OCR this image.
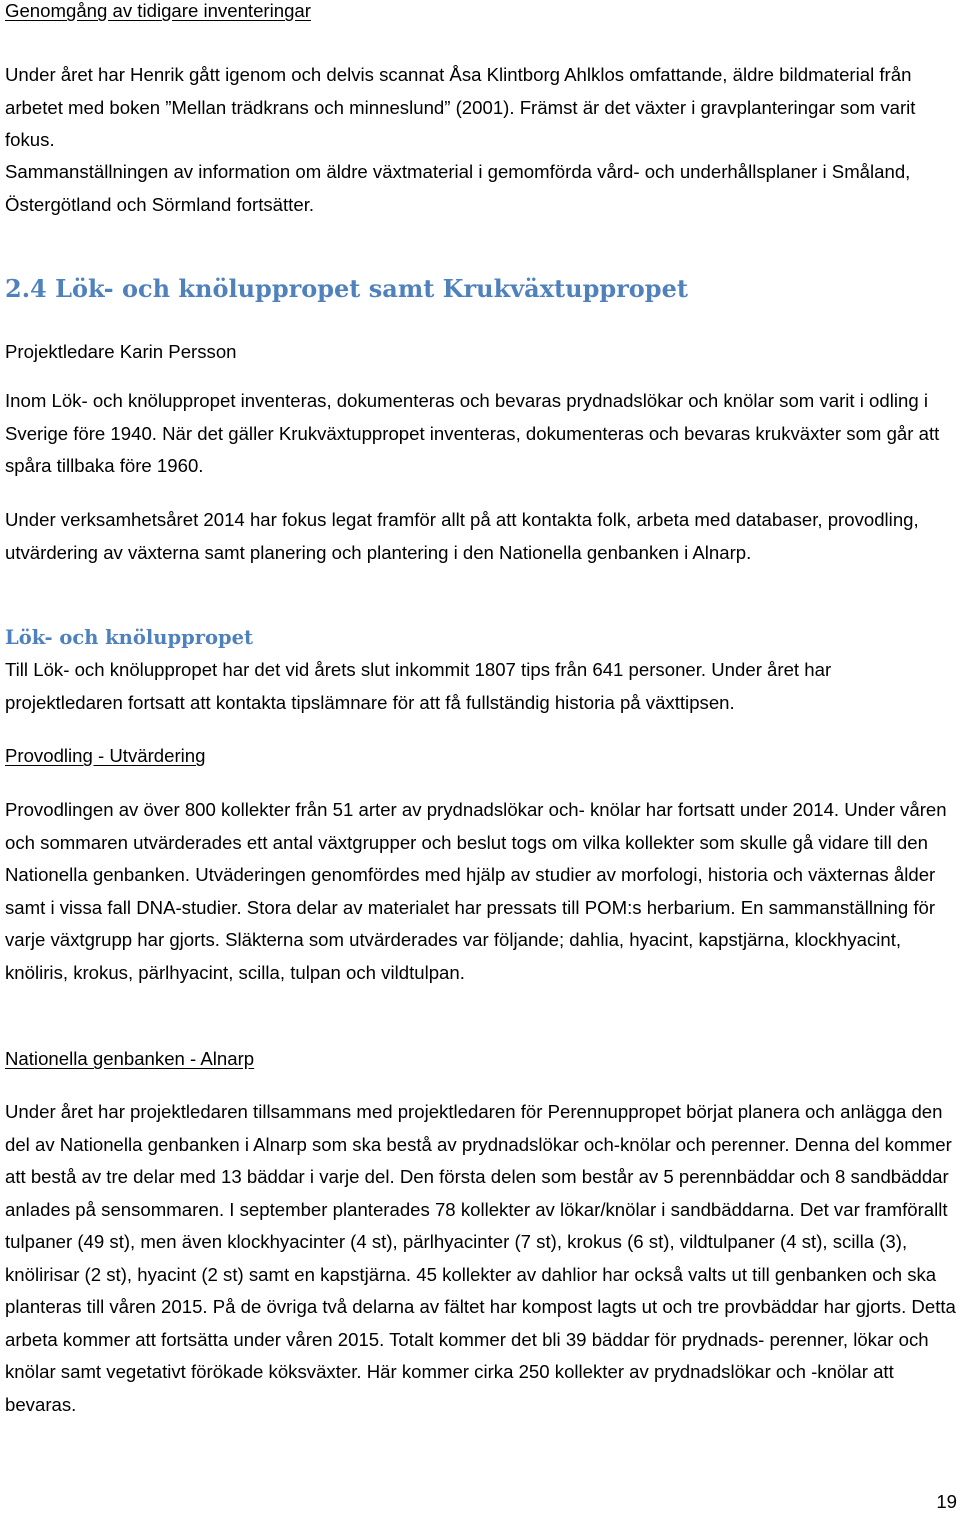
Genomgång av tidigare inventeringar

Under året har Henrik gått igenom och delvis scannat Åsa Klintborg Ahlklos omfattande, äldre bildmaterial från arbetet med boken ”Mellan trädkrans och minneslund” (2001). Främst är det växter i gravplanteringar som varit fokus.

Sammanställningen av information om äldre växtmaterial i gemomförda vård- och underhållsplaner i Småland, Östergötland och Sörmland fortsätter.

2.4 Lök- och knöluppropet samt Krukväxtuppropet

Projektledare Karin Persson

Inom Lök- och knöluppropet inventeras, dokumenteras och bevaras prydnadslökar och knölar som varit i odling i Sverige före 1940. När det gäller Krukväxtuppropet inventeras, dokumenteras och bevaras krukväxter som går att spåra tillbaka före 1960.

Under verksamhetsåret 2014 har fokus legat framför allt på att kontakta folk, arbeta med databaser, provodling, utvärdering av växterna samt planering och plantering i den Nationella genbanken i Alnarp.

Lök- och knöluppropet

Till Lök- och knöluppropet har det vid årets slut inkommit 1807 tips från 641 personer. Under året har projektledaren fortsatt att kontakta tipslämnare för att få fullständig historia på växttipsen.

Provodling - Utvärdering

Provodlingen av över 800 kollekter från 51 arter av prydnadslökar och- knölar har fortsatt under 2014. Under våren och sommaren utvärderades ett antal växtgrupper och beslut togs om vilka kollekter som skulle gå vidare till den Nationella genbanken. Utväderingen genomfördes med hjälp av studier av morfologi, historia och växternas ålder samt i vissa fall DNA-studier. Stora delar av materialet har pressats till POM:s herbarium. En sammanställning för varje växtgrupp har gjorts. Släkterna som utvärderades var följande; dahlia, hyacint, kapstjärna, klockhyacint, knöliris, krokus, pärlhyacint, scilla, tulpan och vildtulpan.

Nationella genbanken - Alnarp

Under året har projektledaren tillsammans med projektledaren för Perennuppropet börjat planera och anlägga den del av Nationella genbanken i Alnarp som ska bestå av prydnadslökar och-knölar och perenner. Denna del kommer att bestå av tre delar med 13 bäddar i varje del. Den första delen som består av 5 perennbäddar och 8 sandbäddar anlades på sensommaren. I september planterades 78 kollekter av lökar/knölar i sandbäddarna. Det var framförallt tulpaner (49 st), men även klockhyacinter (4 st), pärlhyacinter (7 st), krokus (6 st), vildtulpaner (4 st), scilla (3), knölirisar (2 st), hyacint (2 st) samt en kapstjärna. 45 kollekter av dahlior har också valts ut till genbanken och ska planteras till våren 2015. På de övriga två delarna av fältet har kompost lagts ut och tre provbäddar har gjorts. Detta arbeta kommer att fortsätta under våren 2015. Totalt kommer det bli 39 bäddar för prydnads- perenner, lökar och knölar samt vegetativt förökade köksväxter. Här kommer cirka 250 kollekter av prydnadslökar och -knölar att bevaras.

19
